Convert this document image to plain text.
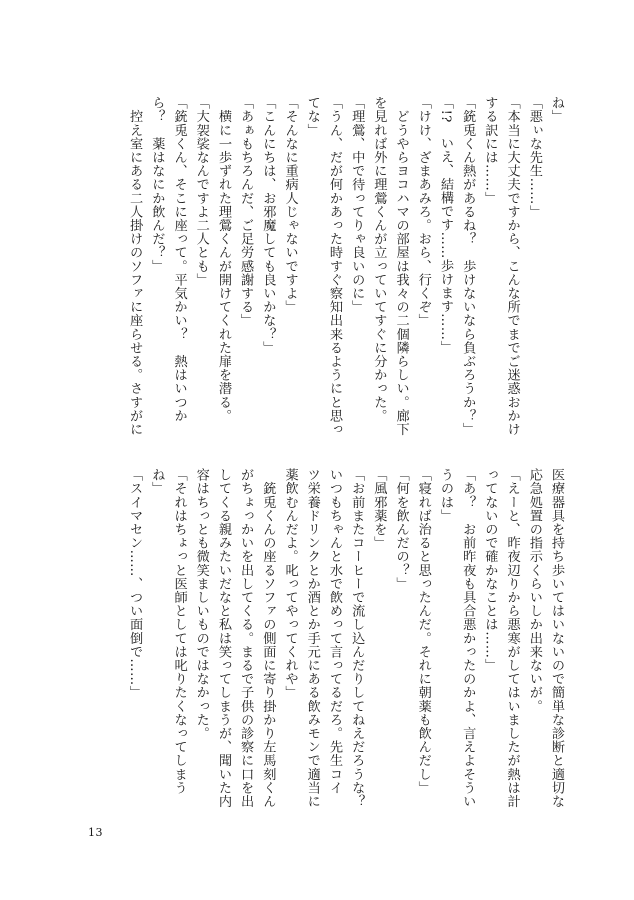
ね」
「悪ぃな先生……」
「本当に大丈夫ですから、こんな所でまでご迷惑おかけ
する訳には……」
「銃兎くん熱があるね？　歩けないなら負ぶろうか？」
「!?　いえ、結構です……歩けます……」
「けけ、ざまあみろ。おら、行くぞ」
　どうやらヨコハマの部屋は我々の二個隣らしい。廊下
を見れば外に理鶯くんが立っていてすぐに分かった。
「理鶯、中で待ってりゃ良いのに」
「うん、だが何かあった時すぐ察知出来るようにと思っ
てな」
「そんなに重病人じゃないですよ」
「こんにちは、お邪魔しても良いかな？」
「あぁもちろんだ、ご足労感謝する」
　横に一歩ずれた理鶯くんが開けてくれた扉を潜る。
「大袈裟なんですよ二人とも」
「銃兎くん、そこに座って。平気かい？　熱はいつか
ら？　薬はなにか飲んだ？」
　控え室にある二人掛けのソファに座らせる。さすがに
医療器具を持ち歩いてはいないので簡単な診断と適切な
応急処置の指示くらいしか出来ないが。
「えーと、昨夜辺りから悪寒がしてはいましたが熱は計
ってないので確かなことは……」
「あ？　お前昨夜も具合悪かったのかよ、言えよそうい
うのは」
「寝れば治ると思ったんだ。それに朝薬も飲んだし」
「何を飲んだの？」
「風邪薬を」
「お前またコーヒーで流し込んだりしてねえだろうな？
いつもちゃんと水で飲めって言ってるだろ。先生コイ
ツ栄養ドリンクとか酒とか手元にある飲みモンで適当に
薬飲むんだよ。叱ってやってくれや」
　銃兎くんの座るソファの側面に寄り掛かり左馬刻くん
がちょっかいを出してくる。まるで子供の診察に口を出
してくる親みたいだなと私は笑ってしまうが、聞いた内
容はちっとも微笑ましいものではなかった。
「それはちょっと医師としては叱りたくなってしまう
ね」
「スイマセン……、つい面倒で……」
13
